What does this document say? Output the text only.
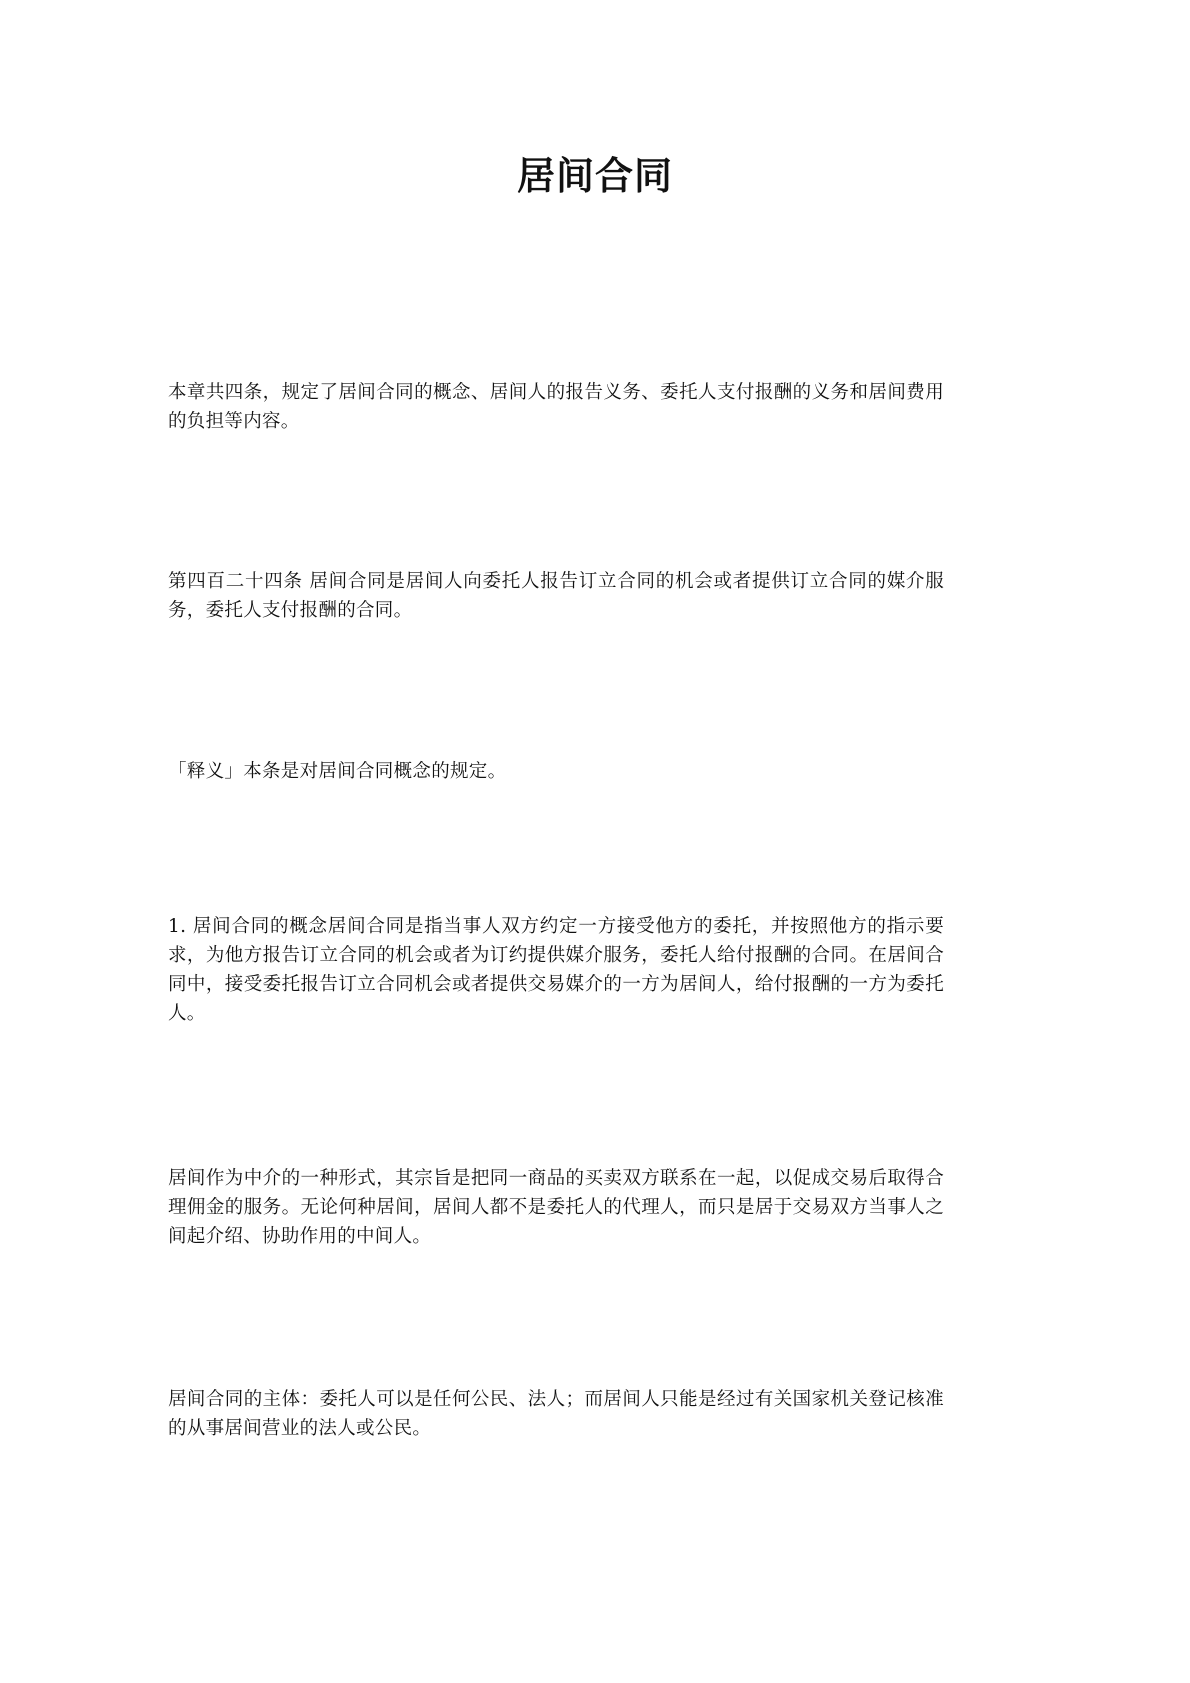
居间合同

本章共四条，规定了居间合同的概念、居间人的报告义务、委托人支付报酬的义务和居间费用的负担等内容。

第四百二十四条 居间合同是居间人向委托人报告订立合同的机会或者提供订立合同的媒介服务，委托人支付报酬的合同。

「释义」本条是对居间合同概念的规定。

1. 居间合同的概念居间合同是指当事人双方约定一方接受他方的委托，并按照他方的指示要求，为他方报告订立合同的机会或者为订约提供媒介服务，委托人给付报酬的合同。在居间合同中，接受委托报告订立合同机会或者提供交易媒介的一方为居间人，给付报酬的一方为委托人。

居间作为中介的一种形式，其宗旨是把同一商品的买卖双方联系在一起，以促成交易后取得合理佣金的服务。无论何种居间，居间人都不是委托人的代理人，而只是居于交易双方当事人之间起介绍、协助作用的中间人。

居间合同的主体：委托人可以是任何公民、法人；而居间人只能是经过有关国家机关登记核准的从事居间营业的法人或公民。
